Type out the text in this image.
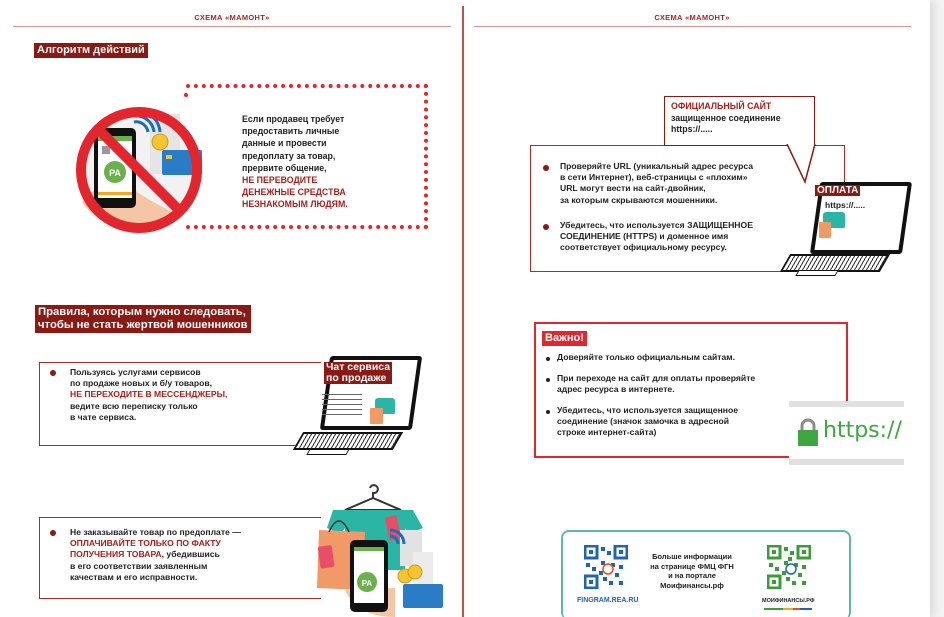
СХЕМА «МАМОНТ»
Алгоритм действий
РА
Если продавец требует
предоставить личные
данные и провести
предоплату за товар,
прервите общение,
НЕ ПЕРЕВОДИТЕ
ДЕНЕЖНЫЕ СРЕДСТВА
НЕЗНАКОМЫМ ЛЮДЯМ.
Правила, которым нужно следовать,
чтобы не стать жертвой мошенников
Пользуясь услугами сервисов
по продаже новых и б/у товаров,
НЕ ПЕРЕХОДИТЕ В МЕССЕНДЖЕРЫ,
ведите всю переписку только
в чате сервиса.
Чат сервиса
по продаже
Не заказывайте товар по предоплате —
ОПЛАЧИВАЙТЕ ТОЛЬКО ПО ФАКТУ
ПОЛУЧЕНИЯ ТОВАРА, убедившись
в его соответствии заявленным
качествам и его исправности.
РА
СХЕМА «МАМОНТ»
Проверяйте URL (уникальный адрес ресурса
в сети Интернет), веб-страницы с «плохим»
URL могут вести на сайт-двойник,
за которым скрываются мошенники.
Убедитесь, что используется ЗАЩИЩЕННОЕ
СОЕДИНЕНИЕ (HTTPS) и доменное имя
соответствует официальному ресурсу.
ОФИЦИАЛЬНЫЙ САЙТ
защищенное соединение
https://.....
ОПЛАТА
https://.....
Важно!
Доверяйте только официальным сайтам.
При переходе на сайт для оплаты проверяйте
адрес ресурса в интернете.
Убедитесь, что используется защищенное
соединение (значок замочка в адресной
строке интернет-сайта)	https://
FINGRAM.REA.RU
Больше информации
на странице ФМЦ ФГН
и на портале
Моифинансы.рф
МОИФИНАНСЫ.РФ
